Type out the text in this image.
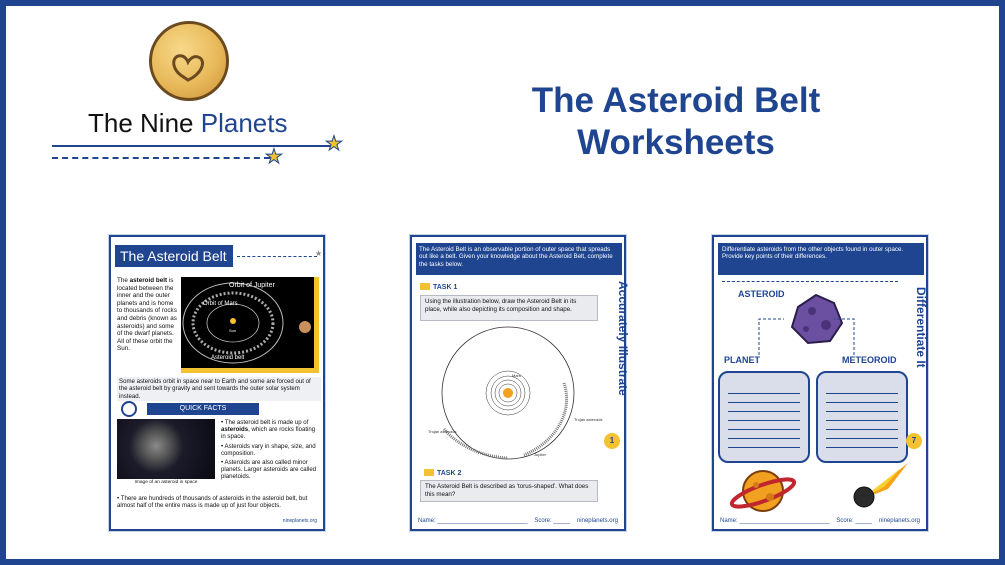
The Nine Planets
★
★
The Asteroid Belt
Worksheets
The Asteroid Belt	★
The asteroid belt is located between the inner and the outer planets and is home to thousands of rocks and debris (known as asteroids) and some of the dwarf planets. All of these orbit the Sun.
Orbit of Jupiter
Orbit of Mars
Asteroid belt
Sun
Some asteroids orbit in space near to Earth and some are forced out of the asteroid belt by gravity and sent towards the outer solar system instead.
QUICK FACTS
Image of an asteroid in space
• The asteroid belt is made up of asteroids, which are rocks floating in space.
• Asteroids vary in shape, size, and composition.
• Asteroids are also called minor planets. Larger asteroids are called planetoids.
• There are hundreds of thousands of asteroids in the asteroid belt, but almost half of the entire mass is made up of just four objects.
nineplanets.org
The Asteroid Belt is an observable portion of outer space that spreads out like a belt. Given your knowledge about the Asteroid Belt, complete the tasks below.
Accurately Illustrate
TASK 1
Using the illustration below, draw the Asteroid Belt in its place, while also depicting its composition and shape.
Mars
Jupiter
Trojan asteroids
Trojan asteroids
1
TASK 2
The Asteroid Belt is described as 'torus-shaped'. What does this mean?
Name: ___________________________ Score: _____ nineplanets.org
Differentiate asteroids from the other objects found in outer space. Provide key points of their differences.
Differentiate It
ASTEROID
PLANET	METEOROID
7
Name: ___________________________ Score: _____ nineplanets.org
